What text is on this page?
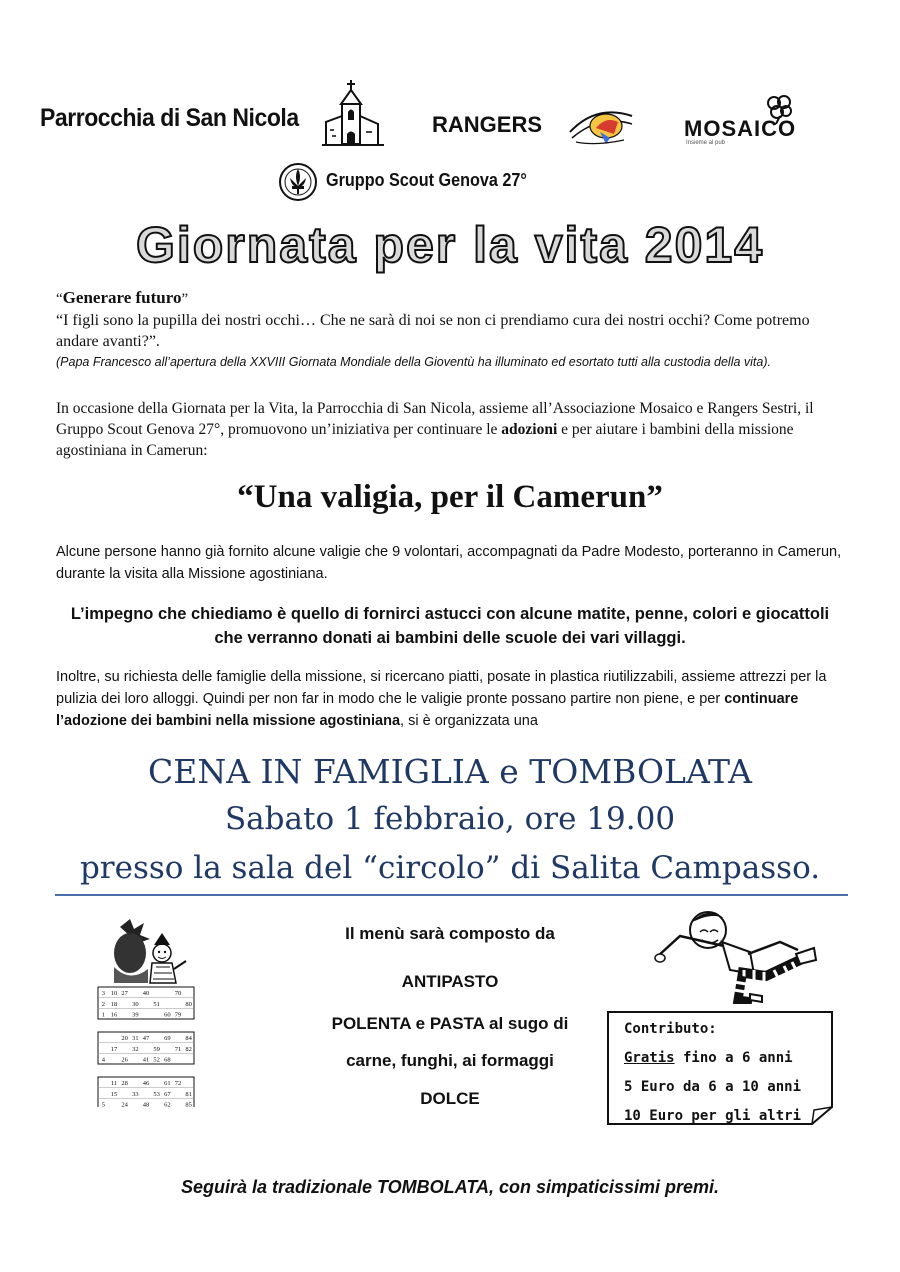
Parrocchia di San Nicola	RANGERS	MOSAICO
Insieme al pub
Gruppo Scout Genova 27°
Giornata per la vita 2014
“Generare futuro”
“I figli sono la pupilla dei nostri occhi… Che ne sarà di noi se non ci prendiamo cura dei nostri occhi? Come potremo andare avanti?”.
(Papa Francesco all’apertura della XXVIII Giornata Mondiale della Gioventù ha illuminato ed esortato tutti alla custodia della vita).
In occasione della Giornata per la Vita, la Parrocchia di San Nicola, assieme all’Associazione Mosaico e Rangers Sestri, il Gruppo Scout Genova 27°, promuovono un’iniziativa per continuare le adozioni e per aiutare i bambini della missione agostiniana in Camerun:
“Una valigia, per il Camerun”
Alcune persone hanno già fornito alcune valigie che 9 volontari, accompagnati da Padre Modesto, porteranno in Camerun, durante la visita alla Missione agostiniana.
L’impegno che chiediamo è quello di fornirci astucci con alcune matite, penne, colori e giocattoli che verranno donati ai bambini delle scuole dei vari villaggi.
Inoltre, su richiesta delle famiglie della missione, si ricercano piatti, posate in plastica riutilizzabili, assieme attrezzi per la pulizia dei loro alloggi. Quindi per non far in modo che le valigie pronte possano partire non piene, e per continuare l’adozione dei bambini nella missione agostiniana, si è organizzata una
CENA IN FAMIGLIA e TOMBOLATA
Sabato 1 febbraio, ore 19.00
presso la sala del “circolo” di Salita Campasso.
3 10 27 40	70
2 18 30 51	80
1 16 39	60 79
20 31 47 69 84
17 32 59 71 82
4	26 41 52 68
11 28 46 61 72
15 33 53 67 81
5	24 48 62 85
Il menù sarà composto da
ANTIPASTO
POLENTA e PASTA al sugo di
carne, funghi, ai formaggi
DOLCE
Contributo:
Gratis fino a 6 anni
5 Euro da 6 a 10 anni
10 Euro per gli altri
Seguirà la tradizionale TOMBOLATA, con simpaticissimi premi.
